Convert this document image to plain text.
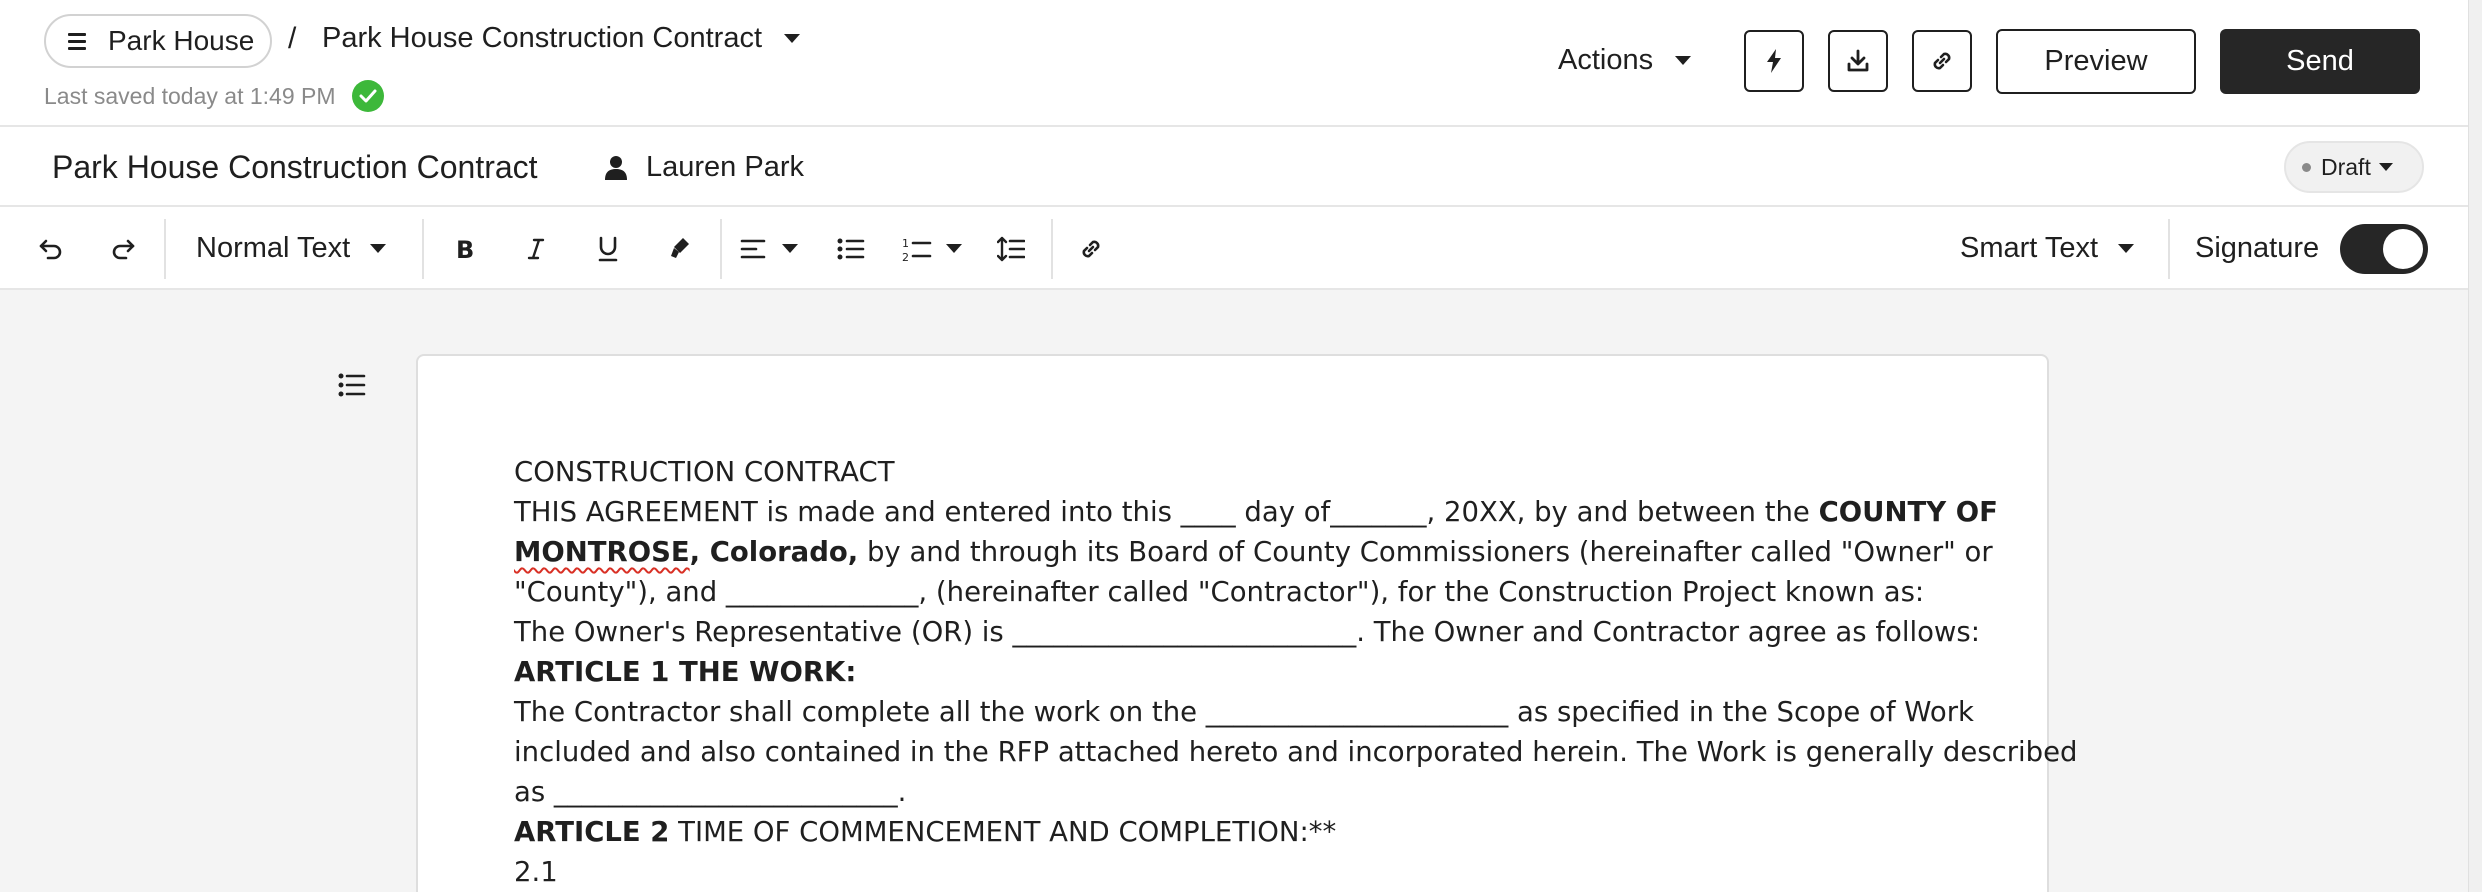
Park House / Park House Construction Contract
Last saved today at 1:49 PM
Actions	Preview	Send
Park House Construction Contract	Lauren Park	Draft
Normal Text	B	1
2	Smart Text	Signature

CONSTRUCTION CONTRACT

THIS AGREEMENT is made and entered into this ____ day of_______, 20XX, by and between the COUNTY OF

MONTROSE, Colorado, by and through its Board of County Commissioners (hereinafter called "Owner" or

"County"), and ______________, (hereinafter called "Contractor"), for the Construction Project known as:

The Owner's Representative (OR) is _________________________. The Owner and Contractor agree as follows:

ARTICLE 1 THE WORK:

The Contractor shall complete all the work on the ______________________ as specified in the Scope of Work

included and also contained in the RFP attached hereto and incorporated herein. The Work is generally described

as _________________________.

ARTICLE 2 TIME OF COMMENCEMENT AND COMPLETION:**

2.1
